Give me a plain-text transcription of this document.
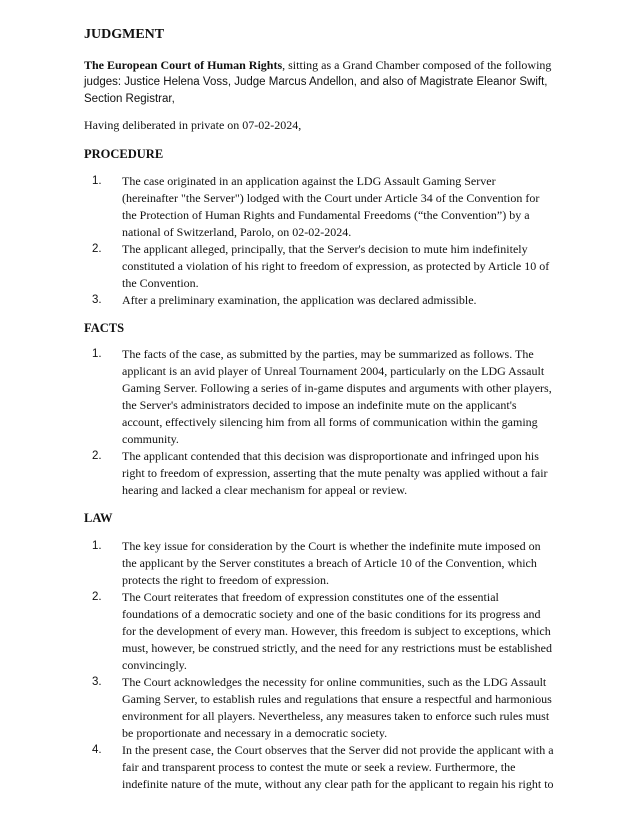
JUDGMENT
The European Court of Human Rights, sitting as a Grand Chamber composed of the following
judges: Justice Helena Voss, Judge Marcus Andellon, and also of Magistrate Eleanor Swift,
Section Registrar,
Having deliberated in private on 07-02-2024,
PROCEDURE
1. The case originated in an application against the LDG Assault Gaming Server
(hereinafter "the Server") lodged with the Court under Article 34 of the Convention for
the Protection of Human Rights and Fundamental Freedoms (“the Convention”) by a
national of Switzerland, Parolo, on 02-02-2024.
2. The applicant alleged, principally, that the Server's decision to mute him indefinitely
constituted a violation of his right to freedom of expression, as protected by Article 10 of
the Convention.
3. After a preliminary examination, the application was declared admissible.
FACTS
1. The facts of the case, as submitted by the parties, may be summarized as follows. The
applicant is an avid player of Unreal Tournament 2004, particularly on the LDG Assault
Gaming Server. Following a series of in-game disputes and arguments with other players,
the Server's administrators decided to impose an indefinite mute on the applicant's
account, effectively silencing him from all forms of communication within the gaming
community.
2. The applicant contended that this decision was disproportionate and infringed upon his
right to freedom of expression, asserting that the mute penalty was applied without a fair
hearing and lacked a clear mechanism for appeal or review.
LAW
1. The key issue for consideration by the Court is whether the indefinite mute imposed on
the applicant by the Server constitutes a breach of Article 10 of the Convention, which
protects the right to freedom of expression.
2. The Court reiterates that freedom of expression constitutes one of the essential
foundations of a democratic society and one of the basic conditions for its progress and
for the development of every man. However, this freedom is subject to exceptions, which
must, however, be construed strictly, and the need for any restrictions must be established
convincingly.
3. The Court acknowledges the necessity for online communities, such as the LDG Assault
Gaming Server, to establish rules and regulations that ensure a respectful and harmonious
environment for all players. Nevertheless, any measures taken to enforce such rules must
be proportionate and necessary in a democratic society.
4. In the present case, the Court observes that the Server did not provide the applicant with a
fair and transparent process to contest the mute or seek a review. Furthermore, the
indefinite nature of the mute, without any clear path for the applicant to regain his right to
